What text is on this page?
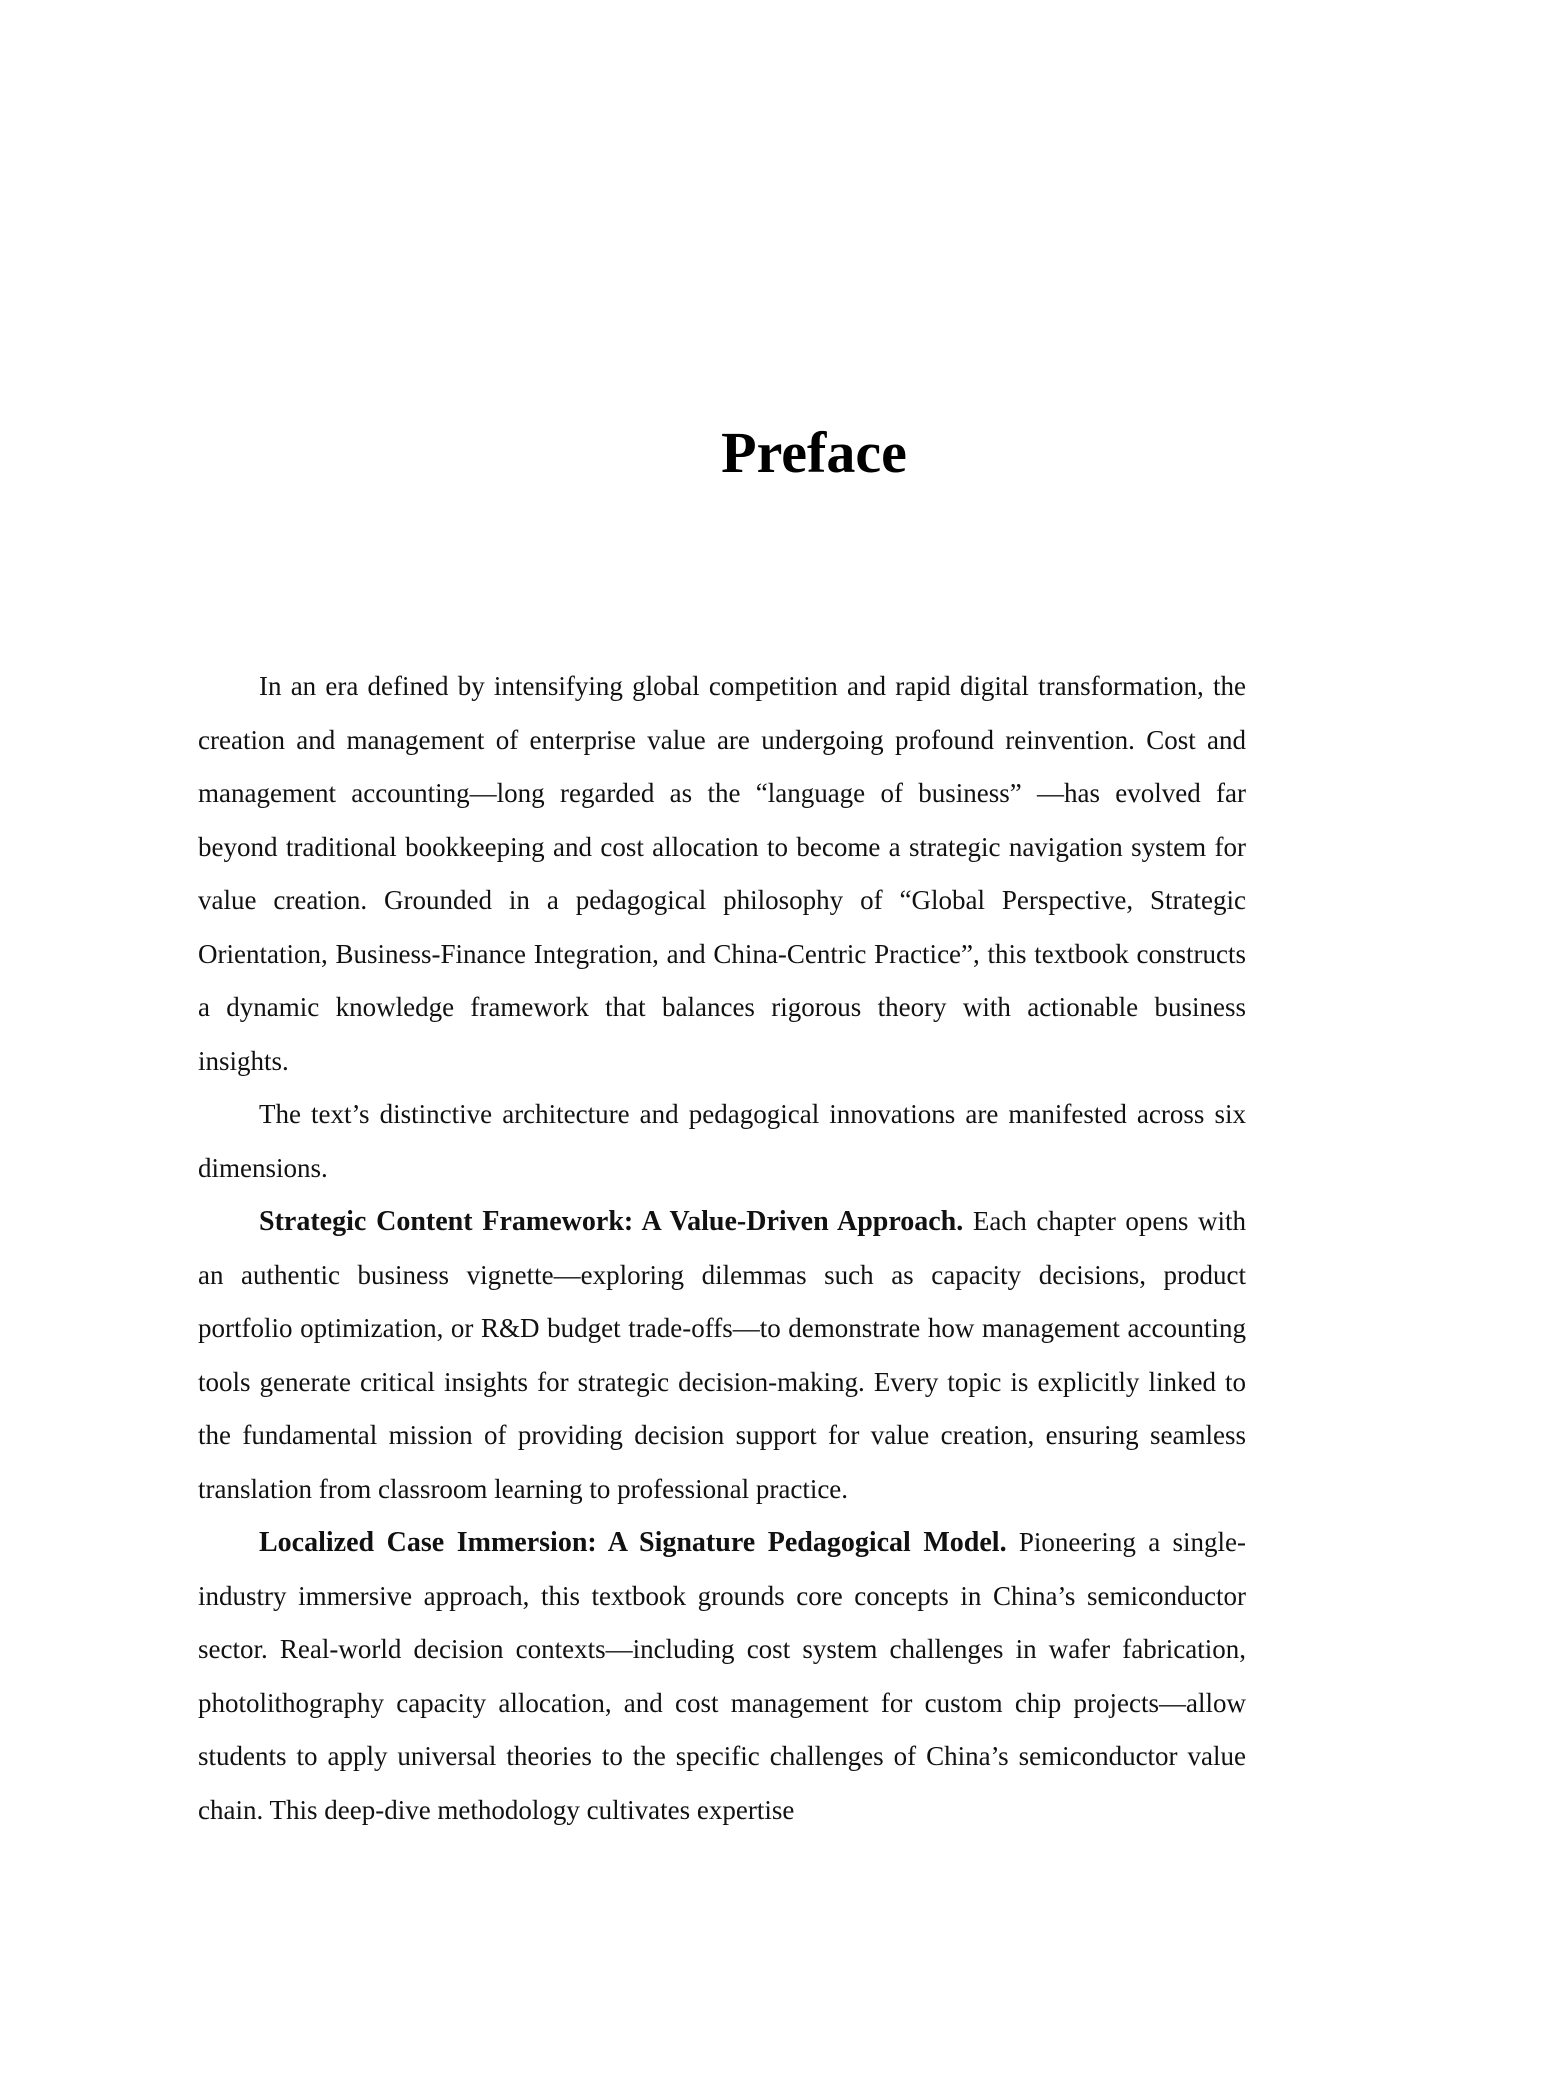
Preface

In an era defined by intensifying global competition and rapid digital transformation, the creation and management of enterprise value are undergoing profound reinvention. Cost and management accounting—long regarded as the “language of business” —has evolved far beyond traditional bookkeeping and cost allocation to become a strategic navigation system for value creation. Grounded in a pedagogical philosophy of “Global Perspective, Strategic Orientation, Business-Finance Integration, and China-Centric Practice”, this textbook constructs a dynamic knowledge framework that balances rigorous theory with actionable business insights.

The text’s distinctive architecture and pedagogical innovations are manifested across six dimensions.

Strategic Content Framework: A Value-Driven Approach. Each chapter opens with an authentic business vignette—exploring dilemmas such as capacity decisions, product portfolio optimization, or R&D budget trade-offs—to demonstrate how management accounting tools generate critical insights for strategic decision-making. Every topic is explicitly linked to the fundamental mission of providing decision support for value creation, ensuring seamless translation from classroom learning to professional practice.

Localized Case Immersion: A Signature Pedagogical Model. Pioneering a single-industry immersive approach, this textbook grounds core concepts in China’s semiconductor sector. Real-world decision contexts—including cost system challenges in wafer fabrication, photolithography capacity allocation, and cost management for custom chip projects—allow students to apply universal theories to the specific challenges of China’s semiconductor value chain. This deep-dive methodology cultivates expertise
